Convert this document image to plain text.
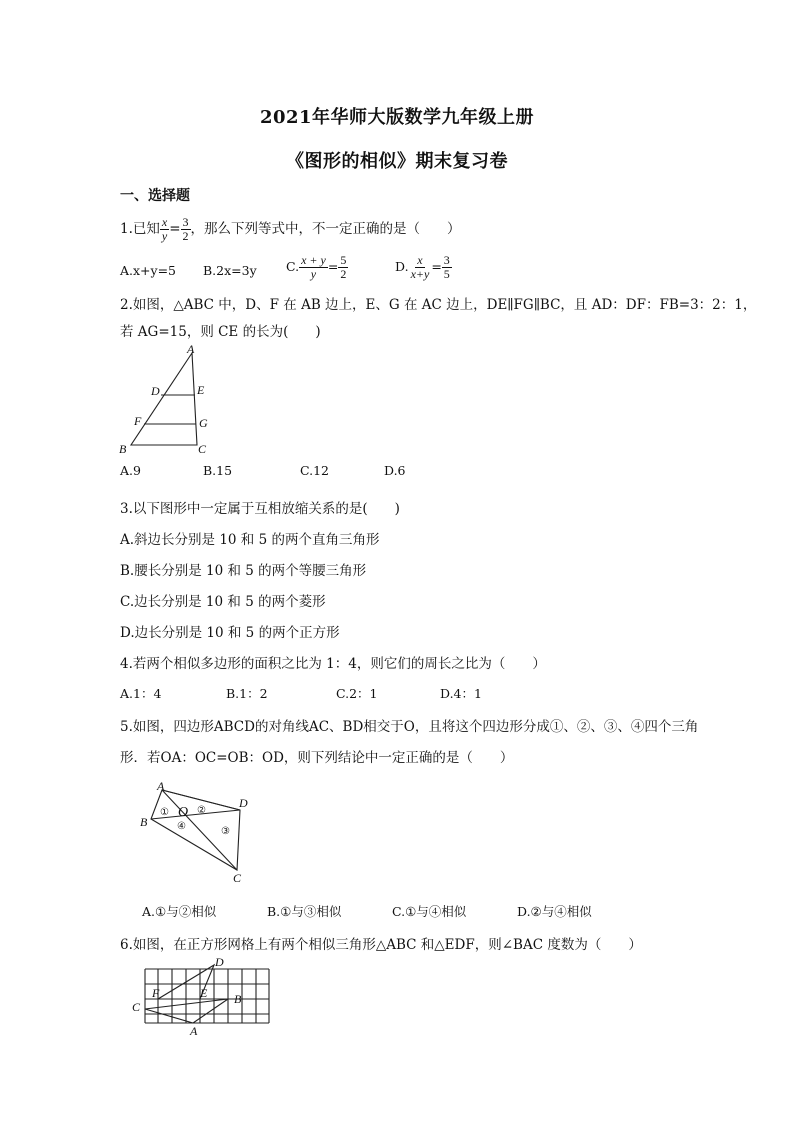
2021年华师大版数学九年级上册
《图形的相似》期末复习卷
一、选择题
1.已知 $\frac{x}{y} = \frac{3}{2}$ ，那么下列等式中，不一定正确的是（　　）
A.x+y=5 B.2x=3y C. $\frac{x + y}{y} = \frac{5}{2}$	D. $\frac{x}{x+y} = \frac{3}{5}$
2.如图，△ABC 中，D、F 在 AB 边上，E、G 在 AC 边上，DE∥FG∥BC，且 AD：DF：FB=3：2：1，
若 AG=15，则 CE 的长为(　　)
A
D	E
F	G
B	C
A.9	B.15	C.12	D.6
3.以下图形中一定属于互相放缩关系的是(　　)
A.斜边长分别是 10 和 5 的两个直角三角形
B.腰长分别是 10 和 5 的两个等腰三角形
C.边长分别是 10 和 5 的两个菱形
D.边长分别是 10 和 5 的两个正方形
4.若两个相似多边形的面积之比为 1：4，则它们的周长之比为（　　）
A.1：4	B.1：2	C.2：1	D.4：1
5.如图，四边形ABCD的对角线AC、BD相交于O，且将这个四边形分成①、②、③、④四个三角
形．若OA：OC=OB：OD，则下列结论中一定正确的是（　　）
A
B
C
D
O
①	②
③
④
A.①与②相似	B.①与③相似	C.①与④相似	D.②与④相似
6.如图，在正方形网格上有两个相似三角形△ABC 和△EDF，则∠BAC 度数为（　　）
D
E
F	B
C
A
